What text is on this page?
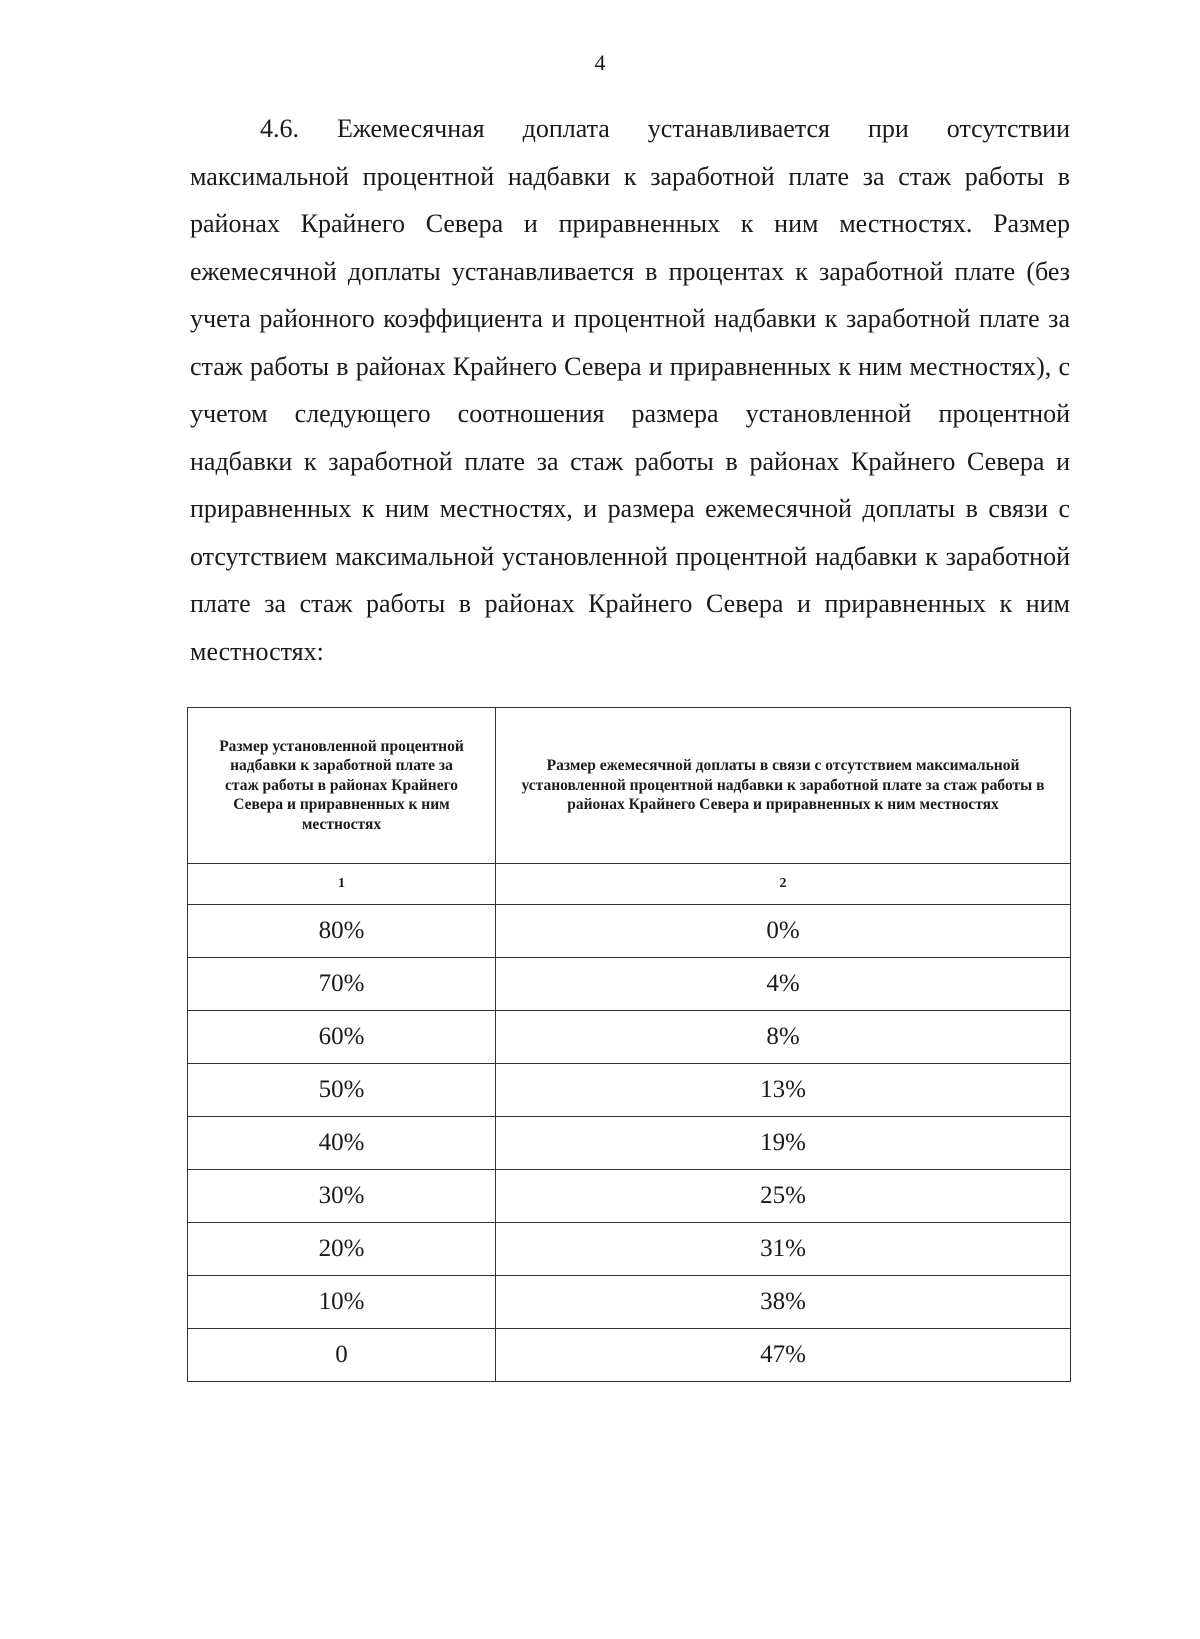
4

4.6. Ежемесячная доплата устанавливается при отсутствии максимальной процентной надбавки к заработной плате за стаж работы в районах Крайнего Севера и приравненных к ним местностях. Размер ежемесячной доплаты устанавливается в процентах к заработной плате (без учета районного коэффициента и процентной надбавки к заработной плате за стаж работы в районах Крайнего Севера и приравненных к ним местностях), с учетом следующего соотношения размера установленной процентной надбавки к заработной плате за стаж работы в районах Крайнего Севера и приравненных к ним местностях, и размера ежемесячной доплаты в связи с отсутствием максимальной установленной процентной надбавки к заработной плате за стаж работы в районах Крайнего Севера и приравненных к ним местностях:

Размер установленной процентной надбавки к заработной плате за стаж работы в районах Крайнего Севера и приравненных к ним местностях	Размер ежемесячной доплаты в связи с отсутствием максимальной установленной процентной надбавки к заработной плате за стаж работы в районах Крайнего Севера и приравненных к ним местностях
1	2
80%	0%
70%	4%
60%	8%
50%	13%
40%	19%
30%	25%
20%	31%
10%	38%
0	47%
